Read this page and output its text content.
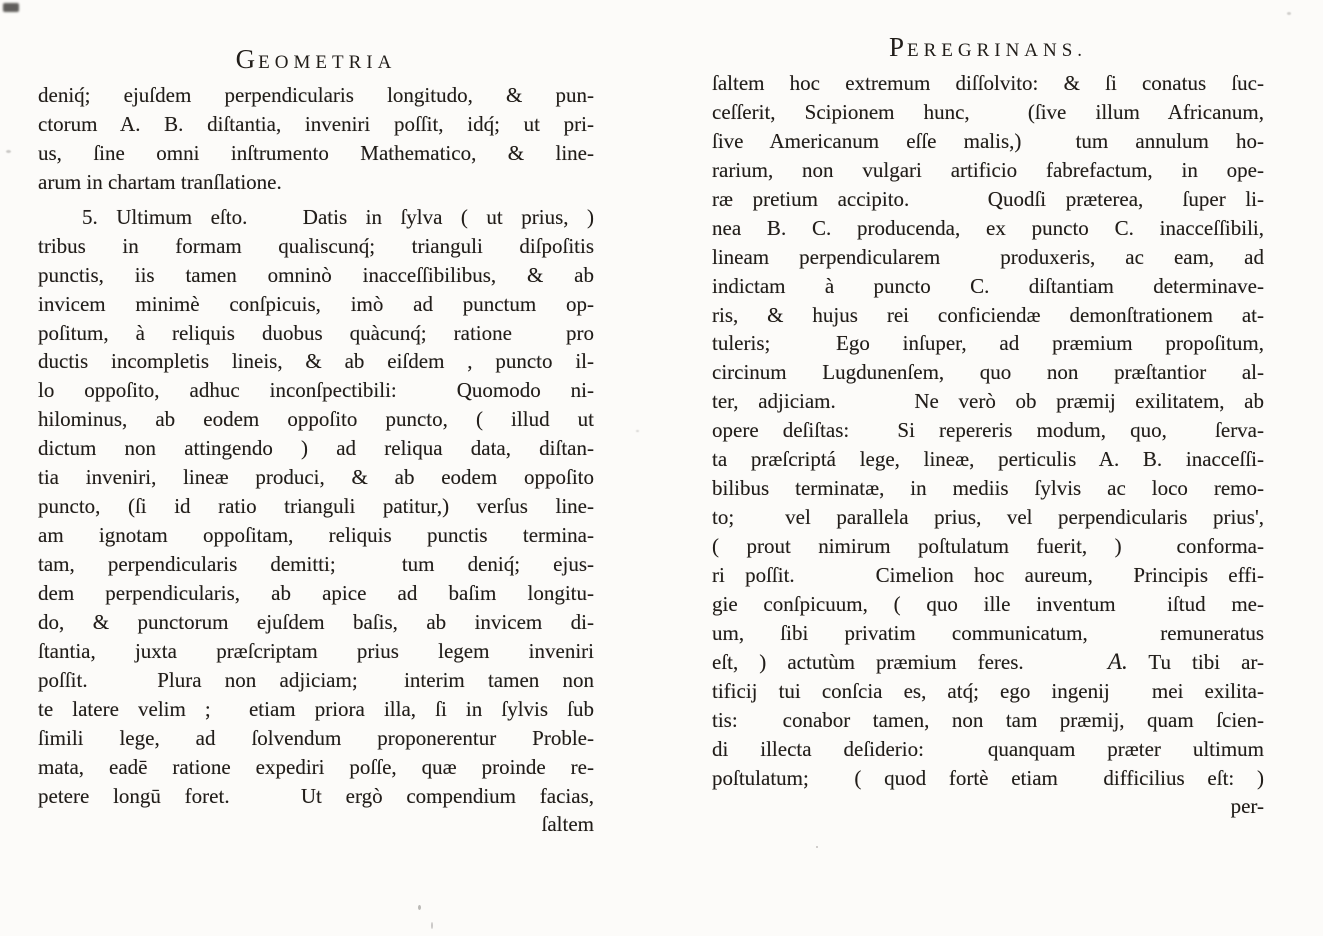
GEOMETRIA
deniq́; ejuſdem perpendicularis longitudo, & pun-
ctorum A. B. diſtantia, inveniri poſſit, idq́; ut pri-
us, ſine omni inſtrumento Mathematico, & line-
arum in chartam tranſlatione.
5. Ultimum eſto.   Datis in ſylva ( ut prius, )
tribus in formam qualiscunq́; trianguli diſpoſitis
punctis, iis tamen omninò inacceſſibilibus, & ab
invicem minimè conſpicuis, imò ad punctum op-
poſitum, à reliquis duobus quàcunq́; ratione  pro
ductis incompletis lineis, & ab eiſdem , puncto il-
lo oppoſito, adhuc inconſpectibili:  Quomodo ni-
hilominus, ab eodem oppoſito puncto, ( illud ut
dictum non attingendo ) ad reliqua data, diſtan-
tia inveniri, lineæ produci, & ab eodem oppoſito
puncto, (ſi id ratio trianguli patitur,) verſus line-
am ignotam oppoſitam, reliquis punctis termina-
tam, perpendicularis demitti;  tum deniq́; ejus-
dem perpendicularis, ab apice ad baſim longitu-
do, & punctorum ejuſdem baſis, ab invicem di-
ſtantia, juxta præſcriptam prius legem inveniri
poſſit.   Plura non adjiciam;  interim tamen non
te latere velim ;  etiam priora illa, ſi in ſylvis ſub
ſimili lege, ad ſolvendum proponerentur Proble-
mata, eadē ratione expediri poſſe, quæ proinde re-
petere longū foret.   Ut ergò compendium facias,
ſaltem
PEREGRINANS.
ſaltem hoc extremum diſſolvito: & ſi conatus ſuc-
ceſſerit, Scipionem hunc,  (ſive illum Africanum,
ſive Americanum eſſe malis,)  tum annulum ho-
rarium, non vulgari artificio fabrefactum, in ope-
ræ pretium accipito.    Quodſi præterea,  ſuper li-
nea B. C. producenda, ex puncto C. inacceſſibili,
lineam perpendicularem  produxeris, ac eam, ad
indictam à puncto C. diſtantiam determinave-
ris, & hujus rei conficiendæ demonſtrationem at-
tuleris;  Ego inſuper, ad præmium propoſitum,
circinum Lugdunenſem, quo non præſtantior al-
ter, adjiciam.    Ne verò ob præmij exilitatem, ab
opere deſiſtas:  Si repereris modum, quo,  ſerva-
ta præſcriptá lege, lineæ, perticulis A. B. inacceſſi-
bilibus terminatæ, in mediis ſylvis ac loco remo-
to;  vel parallela prius, vel perpendicularis prius',
( prout nimirum poſtulatum fuerit, )  conforma-
ri poſſit.    Cimelion hoc aureum,  Principis effi-
gie conſpicuum, ( quo ille inventum  iſtud me-
um, ſibi privatim communicatum,  remuneratus
eſt, ) actutùm præmium feres.    A. Tu tibi ar-
tificij tui conſcia es, atq́; ego ingenij  mei exilita-
tis:  conabor tamen, non tam præmij, quam ſcien-
di illecta deſiderio:  quanquam præter ultimum
poſtulatum;  ( quod fortè etiam  difficilius eſt: )
per-
